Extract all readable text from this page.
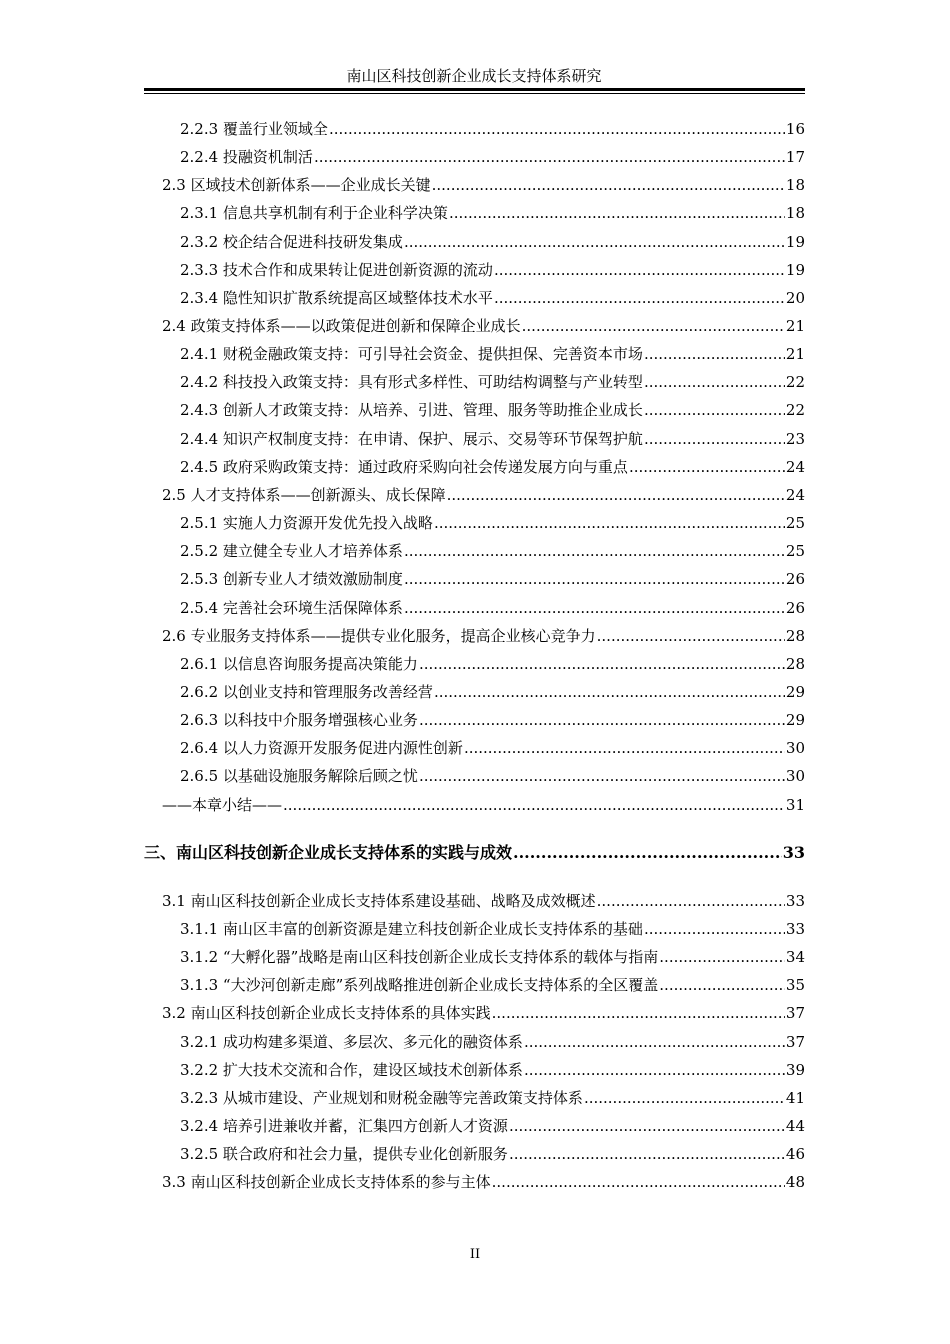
南山区科技创新企业成长支持体系研究
2.2.3 覆盖行业领域全 .....	16
2.2.4 投融资机制活 .....	17
2.3 区域技术创新体系——企业成长关键 .....	18
2.3.1 信息共享机制有利于企业科学决策 .....	18
2.3.2 校企结合促进科技研发集成 .....	19
2.3.3 技术合作和成果转让促进创新资源的流动 .....	19
2.3.4 隐性知识扩散系统提高区域整体技术水平 .....	20
2.4 政策支持体系——以政策促进创新和保障企业成长 .....	21
2.4.1 财税金融政策支持：可引导社会资金、提供担保、完善资本市场 .....	21
2.4.2 科技投入政策支持：具有形式多样性、可助结构调整与产业转型 .....	22
2.4.3 创新人才政策支持：从培养、引进、管理、服务等助推企业成长 .....	22
2.4.4 知识产权制度支持：在申请、保护、展示、交易等环节保驾护航 .....	23
2.4.5 政府采购政策支持：通过政府采购向社会传递发展方向与重点 .....	24
2.5 人才支持体系——创新源头、成长保障 .....	24
2.5.1 实施人力资源开发优先投入战略 .....	25
2.5.2 建立健全专业人才培养体系 .....	25
2.5.3 创新专业人才绩效激励制度 .....	26
2.5.4 完善社会环境生活保障体系 .....	26
2.6 专业服务支持体系——提供专业化服务，提高企业核心竞争力 .....	28
2.6.1 以信息咨询服务提高决策能力 .....	28
2.6.2 以创业支持和管理服务改善经营 .....	29
2.6.3 以科技中介服务增强核心业务 .....	29
2.6.4 以人力资源开发服务促进内源性创新 .....	30
2.6.5 以基础设施服务解除后顾之忧 .....	30
——本章小结—— .....	31
三、南山区科技创新企业成长支持体系的实践与成效 .....	33
3.1 南山区科技创新企业成长支持体系建设基础、战略及成效概述 .....	33
3.1.1 南山区丰富的创新资源是建立科技创新企业成长支持体系的基础 .....	33
3.1.2 “大孵化器”战略是南山区科技创新企业成长支持体系的载体与指南 .....	34
3.1.3 “大沙河创新走廊”系列战略推进创新企业成长支持体系的全区覆盖 .....	35
3.2 南山区科技创新企业成长支持体系的具体实践 .....	37
3.2.1 成功构建多渠道、多层次、多元化的融资体系 .....	37
3.2.2 扩大技术交流和合作，建设区域技术创新体系 .....	39
3.2.3 从城市建设、产业规划和财税金融等完善政策支持体系 .....	41
3.2.4 培养引进兼收并蓄，汇集四方创新人才资源 .....	44
3.2.5 联合政府和社会力量，提供专业化创新服务 .....	46
3.3 南山区科技创新企业成长支持体系的参与主体 .....	48
II
